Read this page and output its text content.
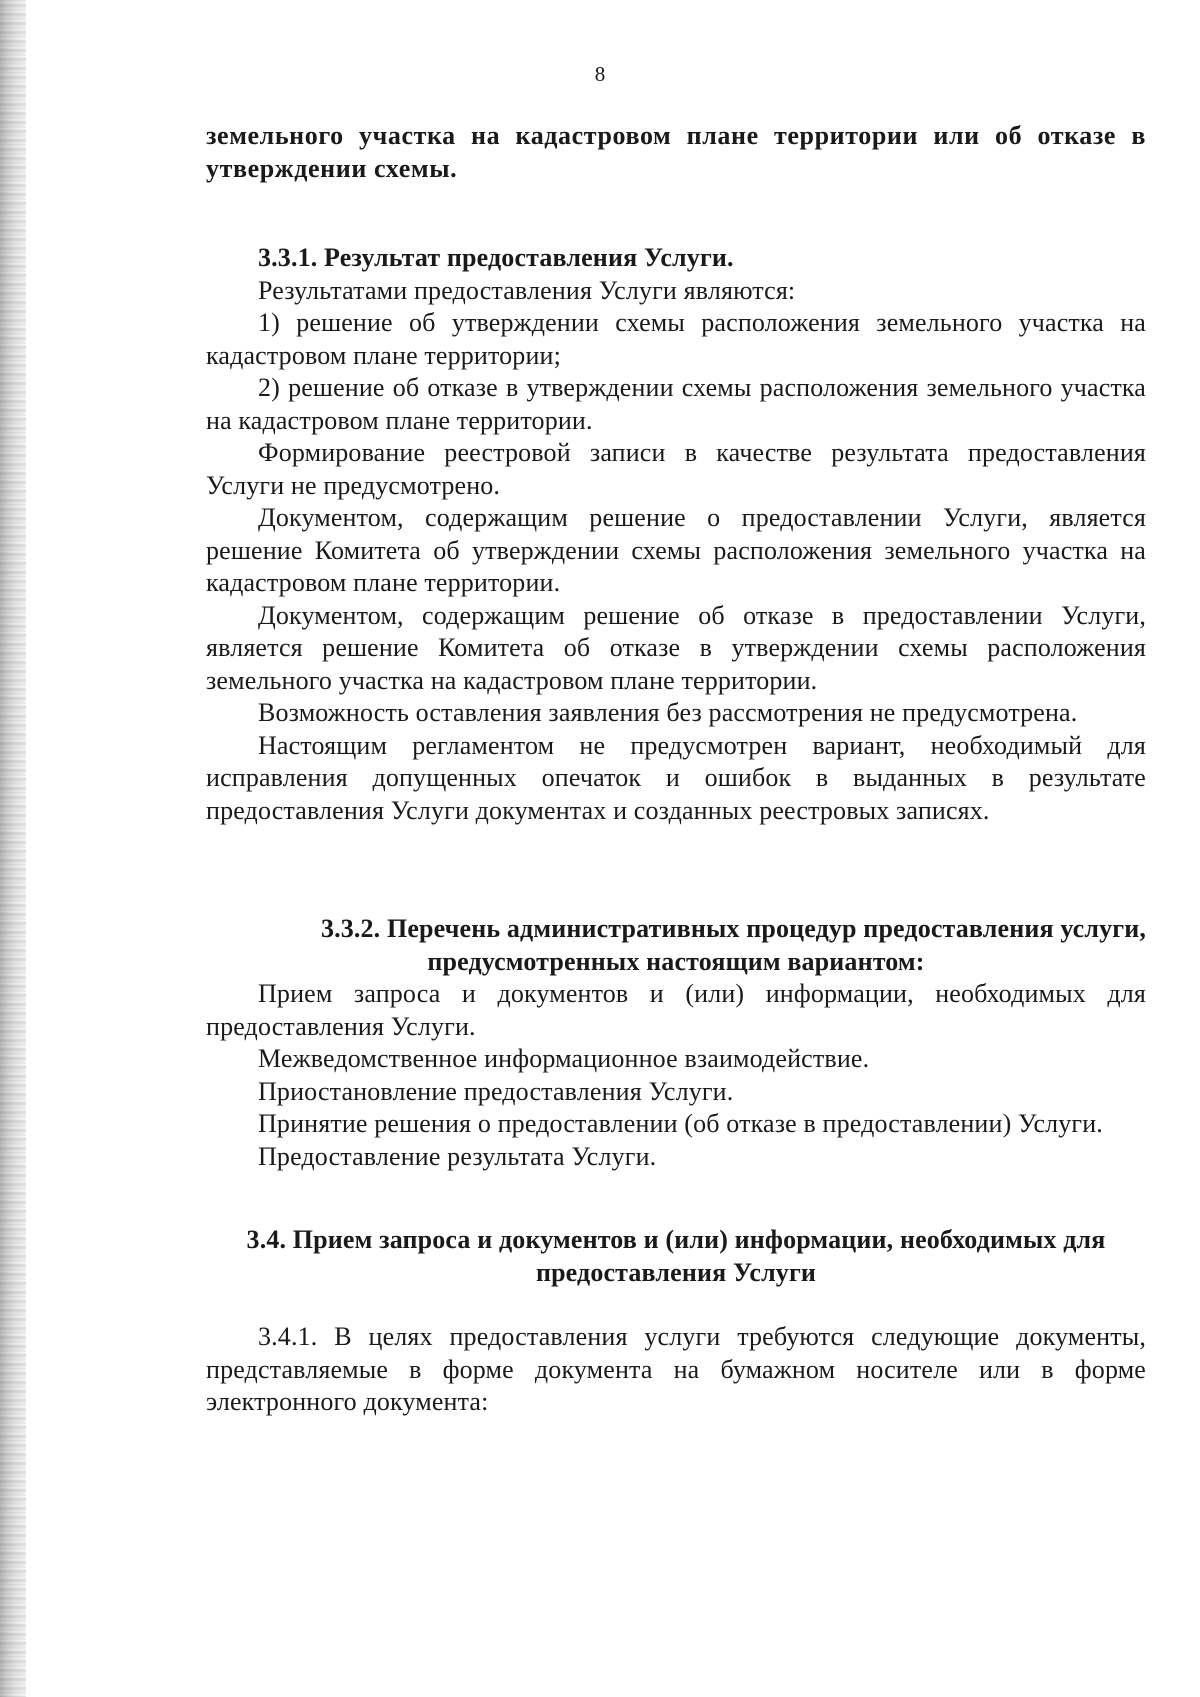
8

земельного участка на кадастровом плане территории или об отказе в утверждении схемы.

3.3.1. Результат предоставления Услуги.

Результатами предоставления Услуги являются:

1) решение об утверждении схемы расположения земельного участка на кадастровом плане территории;

2) решение об отказе в утверждении схемы расположения земельного участка на кадастровом плане территории.

Формирование реестровой записи в качестве результата предоставления Услуги не предусмотрено.

Документом, содержащим решение о предоставлении Услуги, является решение Комитета об утверждении схемы расположения земельного участка на кадастровом плане территории.

Документом, содержащим решение об отказе в предоставлении Услуги, является решение Комитета об отказе в утверждении схемы расположения земельного участка на кадастровом плане территории.

Возможность оставления заявления без рассмотрения не предусмотрена.

Настоящим регламентом не предусмотрен вариант, необходимый для исправления допущенных опечаток и ошибок в выданных в результате предоставления Услуги документах и созданных реестровых записях.

3.3.2. Перечень административных процедур предоставления услуги,

предусмотренных настоящим вариантом:

Прием запроса и документов и (или) информации, необходимых для предоставления Услуги.

Межведомственное информационное взаимодействие.

Приостановление предоставления Услуги.

Принятие решения о предоставлении (об отказе в предоставлении) Услуги.

Предоставление результата Услуги.

3.4. Прием запроса и документов и (или) информации, необходимых для

предоставления Услуги

3.4.1. В целях предоставления услуги требуются следующие документы, представляемые в форме документа на бумажном носителе или в форме электронного документа:
